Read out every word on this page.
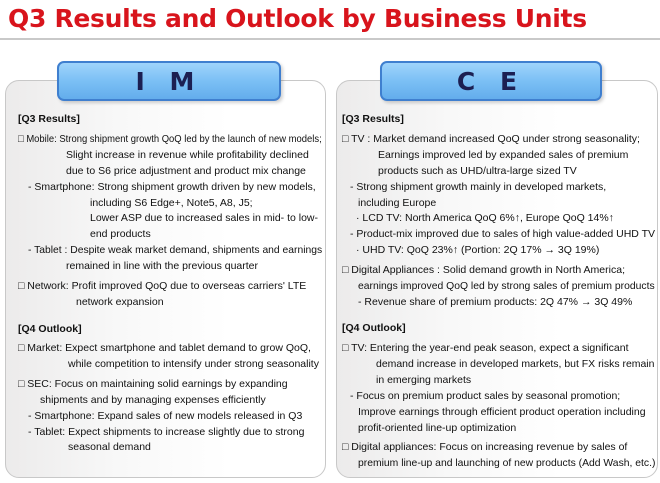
Q3 Results and Outlook by Business Units
I M	C E
[Q3 Results]
□ Mobile: Strong shipment growth QoQ led by the launch of new models;
Slight increase in revenue while profitability declined
due to S6 price adjustment and product mix change
- Smartphone: Strong shipment growth driven by new models,
including S6 Edge+, Note5, A8, J5;
Lower ASP due to increased sales in mid- to low-
end products
- Tablet : Despite weak market demand, shipments and earnings
remained in line with the previous quarter
□ Network: Profit improved QoQ due to overseas carriers' LTE
network expansion
[Q4 Outlook]
□ Market: Expect smartphone and tablet demand to grow QoQ,
while competition to intensify under strong seasonality
□ SEC: Focus on maintaining solid earnings by expanding
shipments and by managing expenses efficiently
- Smartphone: Expand sales of new models released in Q3
- Tablet: Expect shipments to increase slightly due to strong
seasonal demand
[Q3 Results]
□ TV : Market demand increased QoQ under strong seasonality;
Earnings improved led by expanded sales of premium
products such as UHD/ultra-large sized TV
- Strong shipment growth mainly in developed markets,
including Europe
· LCD TV: North America QoQ 6%↑, Europe QoQ 14%↑
- Product-mix improved due to sales of high value-added UHD TV
· UHD TV: QoQ 23%↑ (Portion: 2Q 17% → 3Q 19%)
□ Digital Appliances : Solid demand growth in North America;
earnings improved QoQ led by strong sales of premium products
- Revenue share of premium products: 2Q 47% → 3Q 49%
[Q4 Outlook]
□ TV: Entering the year-end peak season, expect a significant
demand increase in developed markets, but FX risks remain
in emerging markets
- Focus on premium product sales by seasonal promotion;
Improve earnings through efficient product operation including
profit-oriented line-up optimization
□ Digital appliances: Focus on increasing revenue by sales of
premium line-up and launching of new products (Add Wash, etc.)
